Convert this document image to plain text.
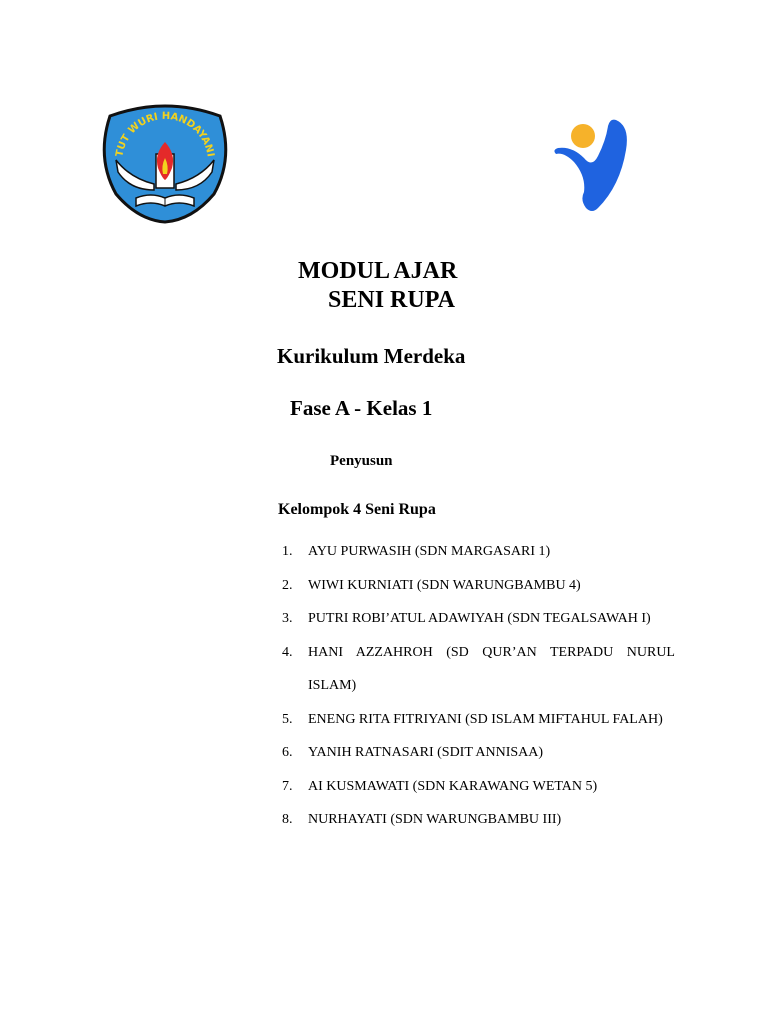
TUT WURI HANDAYANI
MODUL AJAR
SENI RUPA
Kurikulum Merdeka
Fase A - Kelas 1
Penyusun
Kelompok 4 Seni Rupa
1.	AYU PURWASIH (SDN MARGASARI 1)
2.	WIWI KURNIATI (SDN WARUNGBAMBU 4)
3.	PUTRI ROBI’ATUL ADAWIYAH (SDN TEGALSAWAH I)
4.	HANI AZZAHROH (SD QUR’AN TERPADU NURUL ISLAM)
5.	ENENG RITA FITRIYANI (SD ISLAM MIFTAHUL FALAH)
6.	YANIH RATNASARI (SDIT ANNISAA)
7.	AI KUSMAWATI (SDN KARAWANG WETAN 5)
8.	NURHAYATI (SDN WARUNGBAMBU III)
